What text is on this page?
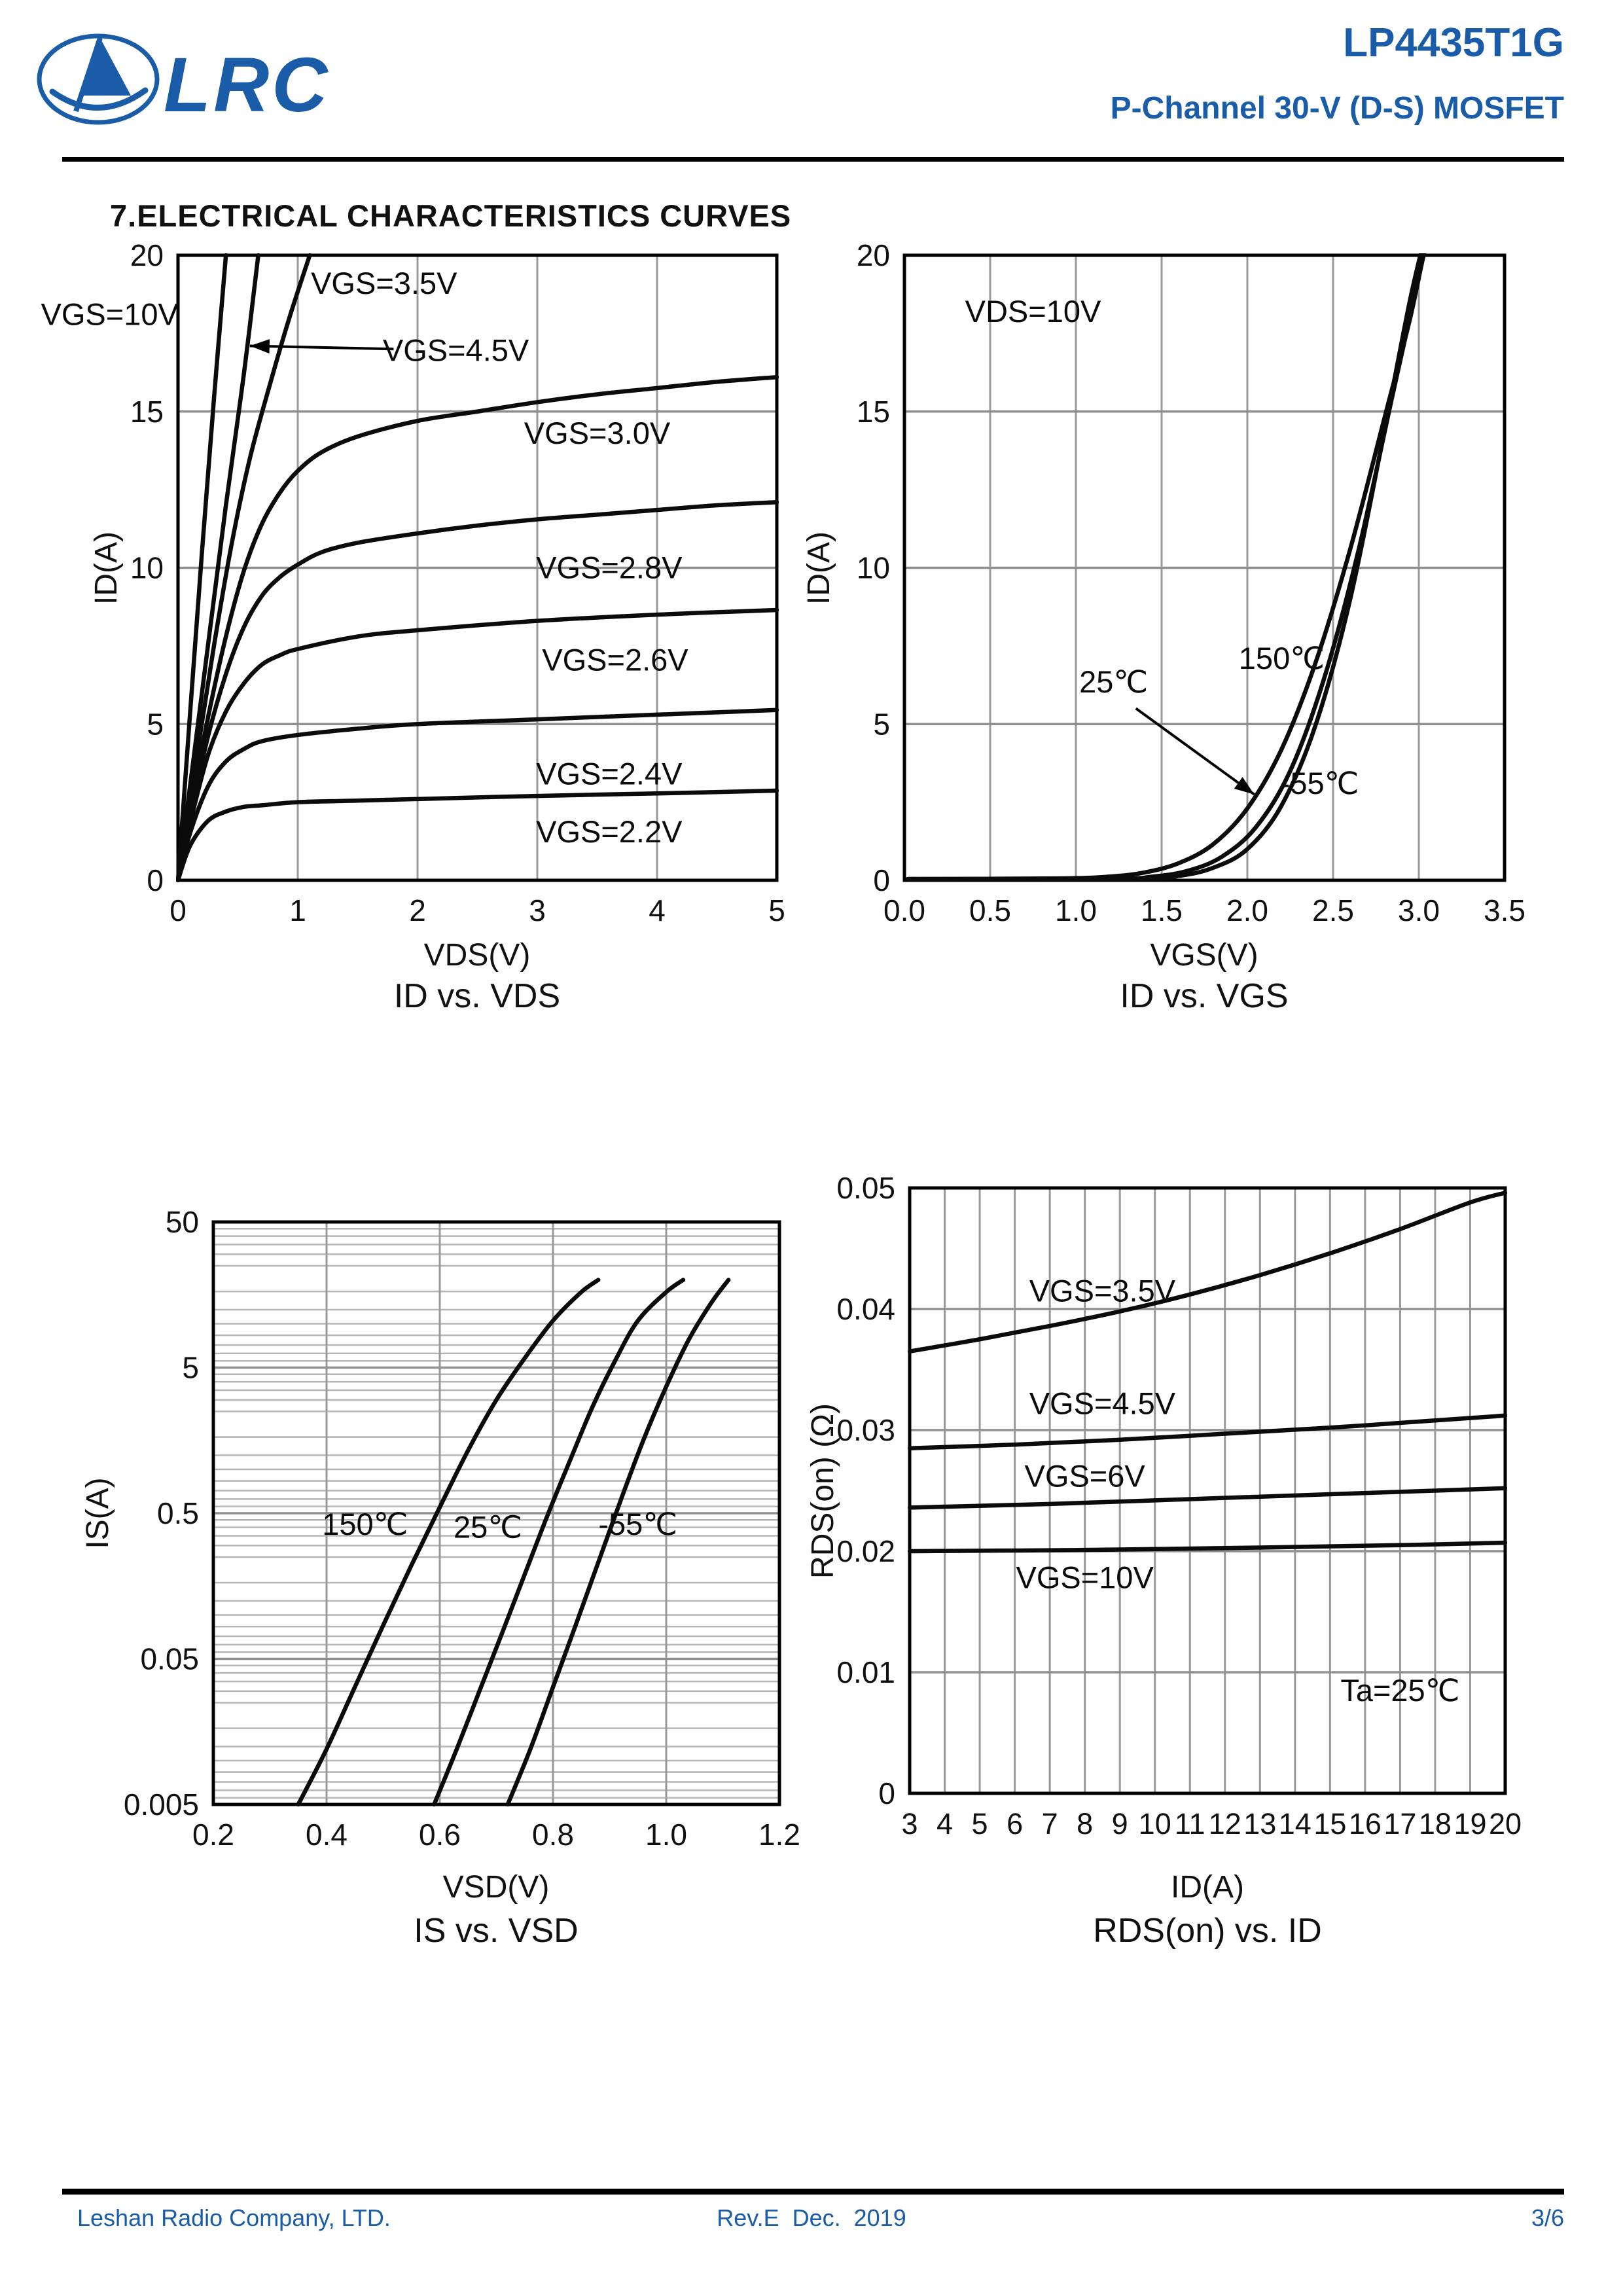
LRC	LP4435T1G
P-Channel 30-V (D-S) MOSFET
7.ELECTRICAL CHARACTERISTICS CURVES
VGS=10V
VGS=3.5V
VGS=4.5V
VGS=3.0V
VGS=2.8V
VGS=2.6V
VGS=2.4V
VGS=2.2V
0	1	2	3	4	5
0
5
10
15
20
VDS(V)
ID(A)
ID vs. VDS
VDS=10V
150℃
25℃
-55℃
0.0 0.5 1.0 1.5 2.0 2.5 3.0 3.5
0
5
10
15
20
VGS(V)
ID(A)
ID vs. VGS
150℃ 25℃ -55℃
0.2 0.4 0.6 0.8 1.0 1.2
50
5
0.5
0.05
0.005
VSD(V)
IS(A)
IS vs. VSD
VGS=3.5V
VGS=4.5V
VGS=6V
VGS=10V
Ta=25℃
3 4 5 6 7 8 9 10 11 12 13 14 15 16 17 18 19 20
0
0.01
0.02
0.03
0.04
0.05
ID(A)
RDS(on) (Ω)
RDS(on) vs. ID
Leshan Radio Company, LTD.	Rev.E  Dec.  2019	3/6
